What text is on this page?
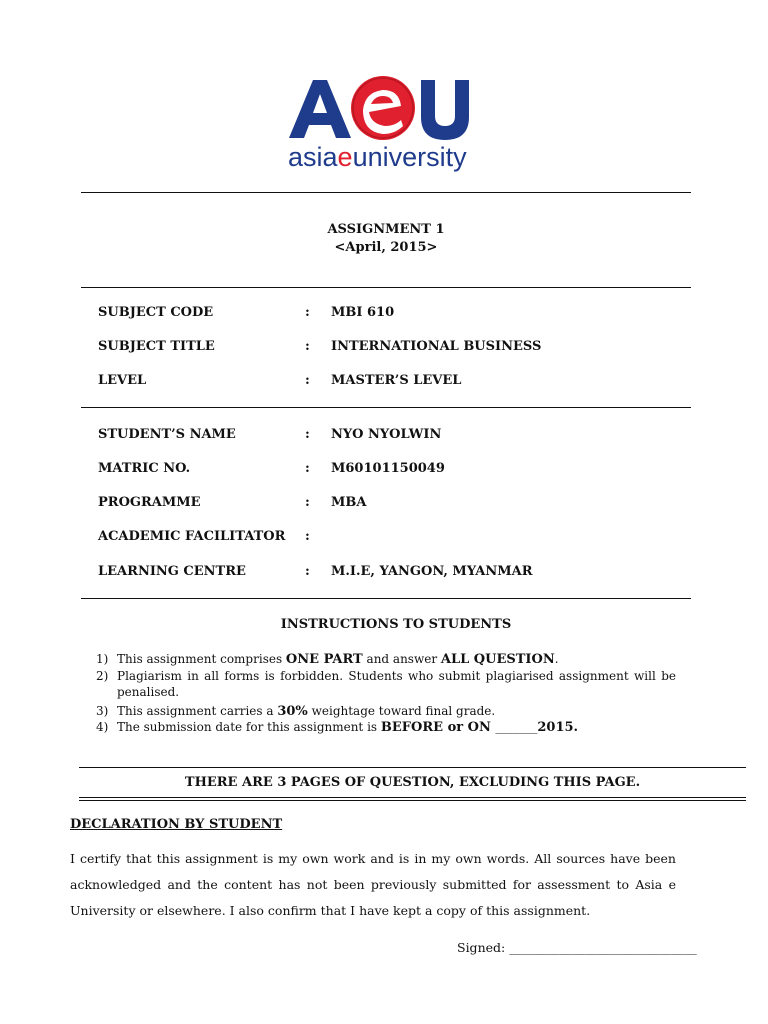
asiaeuniversity
ASSIGNMENT 1
<April, 2015>
SUBJECT CODE	: MBI 610
SUBJECT TITLE	: INTERNATIONAL BUSINESS
LEVEL	: MASTER’S LEVEL
STUDENT’S NAME	: NYO NYOLWIN
MATRIC NO.	: M60101150049
PROGRAMME	: MBA
ACADEMIC FACILITATOR :
LEARNING CENTRE	: M.I.E, YANGON, MYANMAR
INSTRUCTIONS TO STUDENTS
1) This assignment comprises ONE PART and answer ALL QUESTION.
2) Plagiarism in all forms is forbidden. Students who submit plagiarised assignment will be penalised.
3) This assignment carries a 30% weightage toward final grade.
4) The submission date for this assignment is BEFORE or ON _______2015.
THERE ARE 3 PAGES OF QUESTION, EXCLUDING THIS PAGE.
DECLARATION BY STUDENT
I certify that this assignment is my own work and is in my own words. All sources have been acknowledged and the content has not been previously submitted for assessment to Asia e University or elsewhere. I also confirm that I have kept a copy of this assignment.
Signed: ______________________________
